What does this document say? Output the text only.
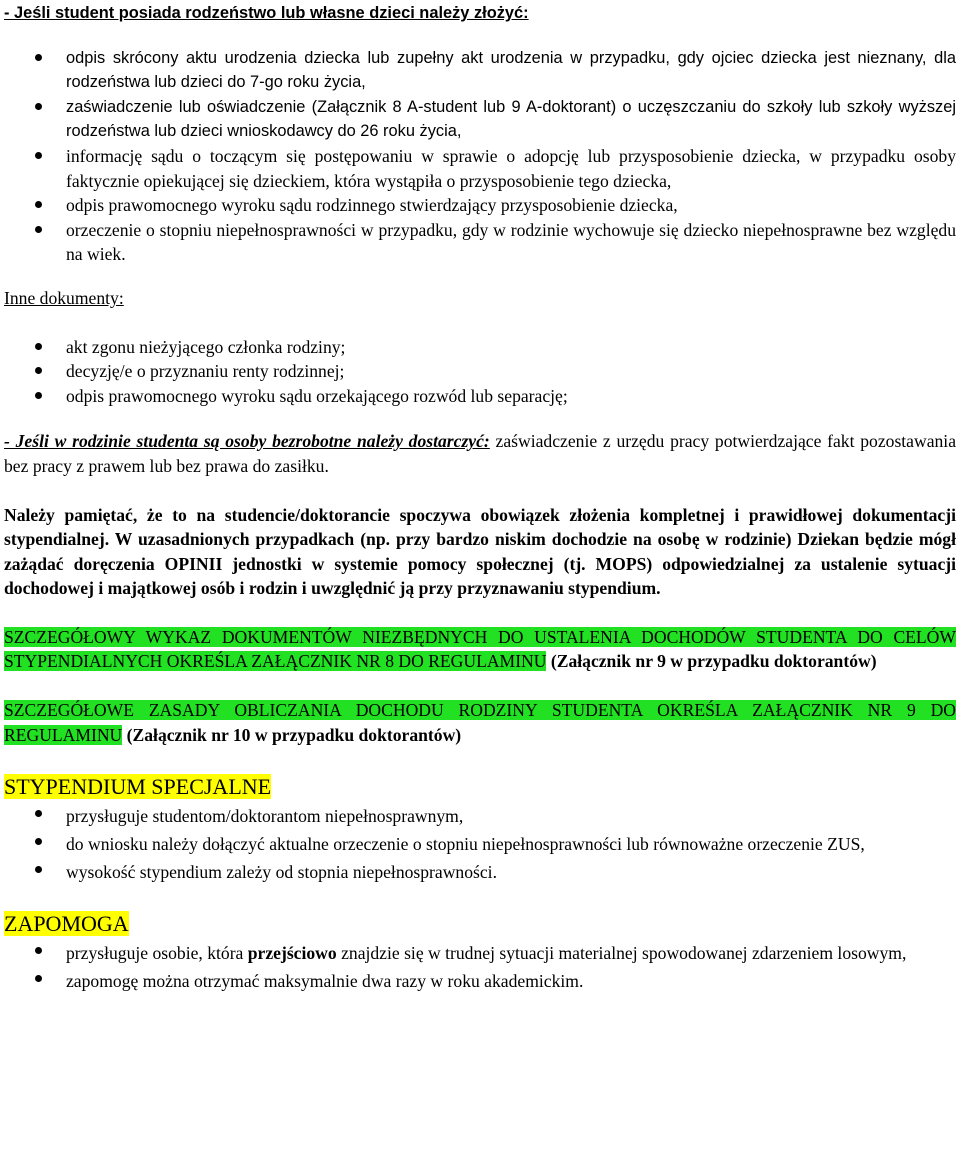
- Jeśli student posiada rodzeństwo lub własne dzieci należy złożyć:

odpis skrócony aktu urodzenia dziecka lub zupełny akt urodzenia w przypadku, gdy ojciec dziecka jest nieznany, dla rodzeństwa lub dzieci do 7-go roku życia,
zaświadczenie lub oświadczenie (Załącznik 8 A-student lub 9 A-doktorant) o uczęszczaniu do szkoły lub szkoły wyższej rodzeństwa lub dzieci wnioskodawcy do 26 roku życia,
informację sądu o toczącym się postępowaniu w sprawie o adopcję lub przysposobienie dziecka, w przypadku osoby faktycznie opiekującej się dzieckiem, która wystąpiła o przysposobienie tego dziecka,
odpis prawomocnego wyroku sądu rodzinnego stwierdzający przysposobienie dziecka,
orzeczenie o stopniu niepełnosprawności w przypadku, gdy w rodzinie wychowuje się dziecko niepełnosprawne bez względu na wiek.

Inne dokumenty:

akt zgonu nieżyjącego członka rodziny;
decyzję/e o przyznaniu renty rodzinnej;
odpis prawomocnego wyroku sądu orzekającego rozwód lub separację;

- Jeśli w rodzinie studenta są osoby bezrobotne należy dostarczyć: zaświadczenie z urzędu pracy potwierdzające fakt pozostawania bez pracy z prawem lub bez prawa do zasiłku.

Należy pamiętać, że to na studencie/doktorancie spoczywa obowiązek złożenia kompletnej i prawidłowej dokumentacji stypendialnej. W uzasadnionych przypadkach (np. przy bardzo niskim dochodzie na osobę w rodzinie) Dziekan będzie mógł zażądać doręczenia OPINII jednostki w systemie pomocy społecznej (tj. MOPS) odpowiedzialnej za ustalenie sytuacji dochodowej i majątkowej osób i rodzin i uwzględnić ją przy przyznawaniu stypendium.

SZCZEGÓŁOWY WYKAZ DOKUMENTÓW NIEZBĘDNYCH DO USTALENIA DOCHODÓW STUDENTA DO CELÓW STYPENDIALNYCH OKREŚLA ZAŁĄCZNIK NR 8 DO REGULAMINU (Załącznik nr 9 w przypadku doktorantów)

SZCZEGÓŁOWE ZASADY OBLICZANIA DOCHODU RODZINY STUDENTA OKREŚLA ZAŁĄCZNIK NR 9 DO REGULAMINU (Załącznik nr 10 w przypadku doktorantów)

STYPENDIUM SPECJALNE

przysługuje studentom/doktorantom niepełnosprawnym,
do wniosku należy dołączyć aktualne orzeczenie o stopniu niepełnosprawności lub równoważne orzeczenie ZUS,
wysokość stypendium zależy od stopnia niepełnosprawności.

ZAPOMOGA

przysługuje osobie, która przejściowo znajdzie się w trudnej sytuacji materialnej spowodowanej zdarzeniem losowym,
zapomogę można otrzymać maksymalnie dwa razy w roku akademickim.
